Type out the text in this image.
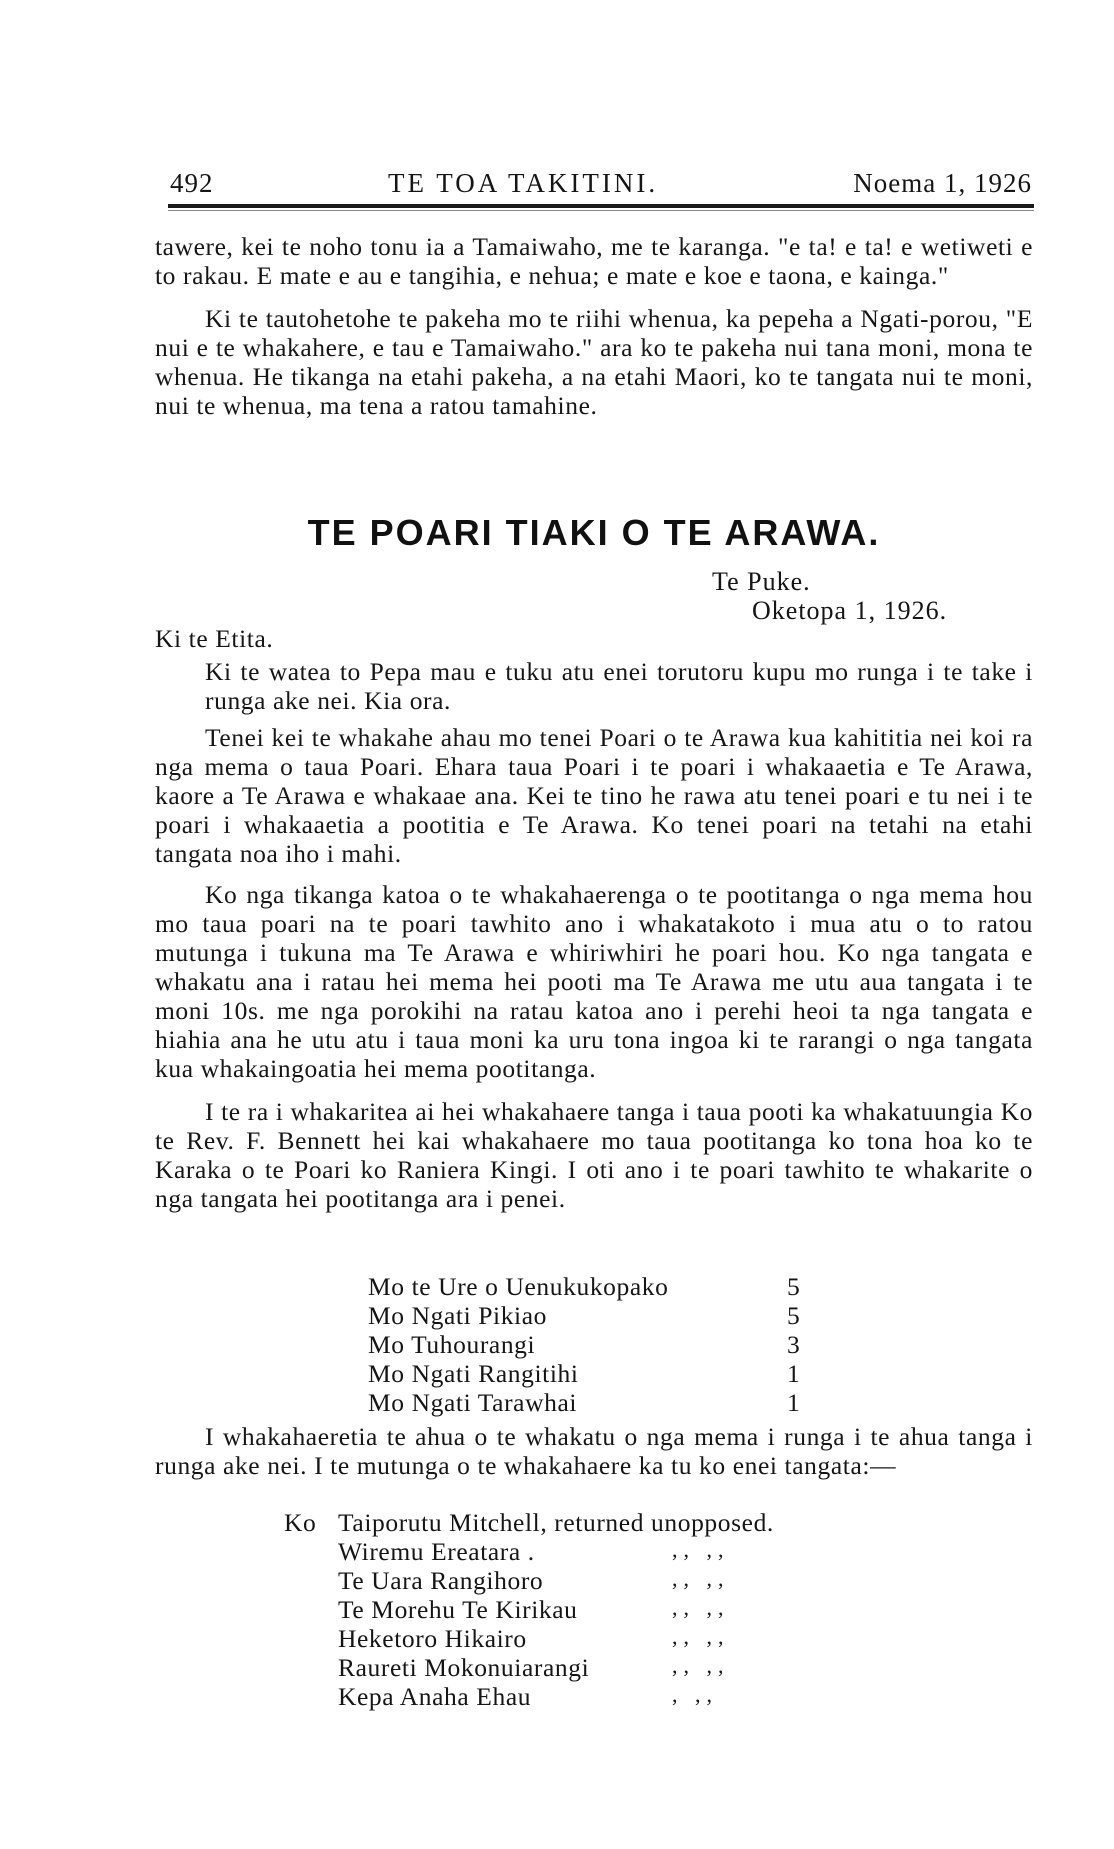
492	TE TOA TAKITINI.	Noema 1, 1926

tawere, kei te noho tonu ia a Tamaiwaho, me te karanga. "e ta! e ta! e wetiweti e to rakau. E mate e au e tangihia, e nehua; e mate e koe e taona, e kainga."

Ki te tautohetohe te pakeha mo te riihi whenua, ka pepeha a Ngati-porou, "E nui e te whakahere, e tau e Tamaiwaho." ara ko te pakeha nui tana moni, mona te whenua. He tikanga na etahi pakeha, a na etahi Maori, ko te tangata nui te moni, nui te whenua, ma tena a ratou tamahine.

TE POARI TIAKI O TE ARAWA.
Te Puke.
Oketopa 1, 1926.

Ki te Etita.

Ki te watea to Pepa mau e tuku atu enei torutoru kupu mo runga i te take i runga ake nei. Kia ora.

Tenei kei te whakahe ahau mo tenei Poari o te Arawa kua kahititia nei koi ra nga mema o taua Poari. Ehara taua Poari i te poari i whakaaetia e Te Arawa, kaore a Te Arawa e whakaae ana. Kei te tino he rawa atu tenei poari e tu nei i te poari i whakaaetia a pootitia e Te Arawa. Ko tenei poari na tetahi na etahi tangata noa iho i mahi.

Ko nga tikanga katoa o te whakahaerenga o te pootitanga o nga mema hou mo taua poari na te poari tawhito ano i whakatakoto i mua atu o to ratou mutunga i tukuna ma Te Arawa e whiriwhiri he poari hou. Ko nga tangata e whakatu ana i ratau hei mema hei pooti ma Te Arawa me utu aua tangata i te moni 10s. me nga porokihi na ratau katoa ano i perehi heoi ta nga tangata e hiahia ana he utu atu i taua moni ka uru tona ingoa ki te rarangi o nga tangata kua whakaingoatia hei mema pootitanga.

I te ra i whakaritea ai hei whakahaere tanga i taua pooti ka whakatuungia Ko te Rev. F. Bennett hei kai whakahaere mo taua pootitanga ko tona hoa ko te Karaka o te Poari ko Raniera Kingi. I oti ano i te poari tawhito te whakarite o nga tangata hei pootitanga ara i penei.

Mo te Ure o Uenukukopako	5
Mo Ngati Pikiao	5
Mo Tuhourangi	3
Mo Ngati Rangitihi	1
Mo Ngati Tarawhai	1

I whakahaeretia te ahua o te whakatu o nga mema i runga i te ahua tanga i runga ake nei. I te mutunga o te whakahaere ka tu ko enei tangata:—

Ko Taiporutu Mitchell, returned unopposed.
Wiremu Ereatara .	,, ,,
Te Uara Rangihoro	,, ,,
Te Morehu Te Kirikau	,, ,,
Heketoro Hikairo	,, ,,
Raureti Mokonuiarangi	,, ,,
Kepa Anaha Ehau	, ,,
